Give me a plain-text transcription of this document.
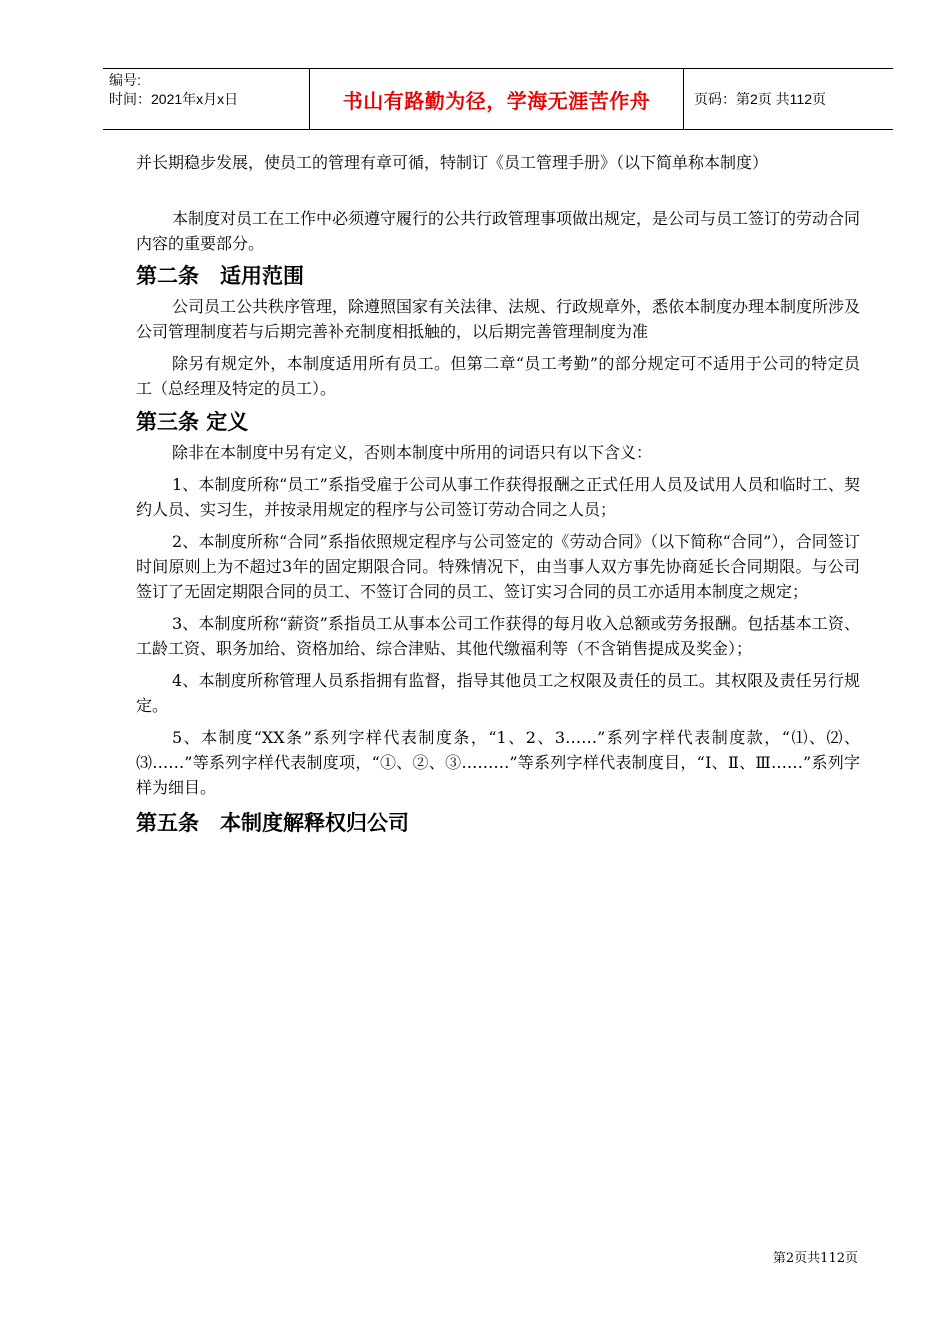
编号:
时间：2021年x月x日	书山有路勤为径，学海无涯苦作舟	页码：第2页 共112页

并长期稳步发展，使员工的管理有章可循，特制订《员工管理手册》（以下简单称本制度）

本制度对员工在工作中必须遵守履行的公共行政管理事项做出规定，是公司与员工签订的劳动合同内容的重要部分。

第二条　适用范围

公司员工公共秩序管理，除遵照国家有关法律、法规、行政规章外，悉依本制度办理本制度所涉及公司管理制度若与后期完善补充制度相抵触的，以后期完善管理制度为准

除另有规定外，本制度适用所有员工。但第二章“员工考勤”的部分规定可不适用于公司的特定员工（总经理及特定的员工）。

第三条 定义

除非在本制度中另有定义，否则本制度中所用的词语只有以下含义：

1、本制度所称“员工”系指受雇于公司从事工作获得报酬之正式任用人员及试用人员和临时工、契约人员、实习生，并按录用规定的程序与公司签订劳动合同之人员；

2、本制度所称“合同”系指依照规定程序与公司签定的《劳动合同》（以下简称“合同”），合同签订时间原则上为不超过3年的固定期限合同。特殊情况下，由当事人双方事先协商延长合同期限。与公司签订了无固定期限合同的员工、不签订合同的员工、签订实习合同的员工亦适用本制度之规定；

3、本制度所称“薪资”系指员工从事本公司工作获得的每月收入总额或劳务报酬。包括基本工资、工龄工资、职务加给、资格加给、综合津贴、其他代缴福利等（不含销售提成及奖金）；

4、本制度所称管理人员系指拥有监督，指导其他员工之权限及责任的员工。其权限及责任另行规定。

5、本制度“XX条”系列字样代表制度条，“1、2、3……”系列字样代表制度款，“⑴、⑵、⑶……”等系列字样代表制度项，“①、②、③………”等系列字样代表制度目，“Ⅰ、Ⅱ、Ⅲ……”系列字样为细目。

第五条　本制度解释权归公司
第2页共112页
